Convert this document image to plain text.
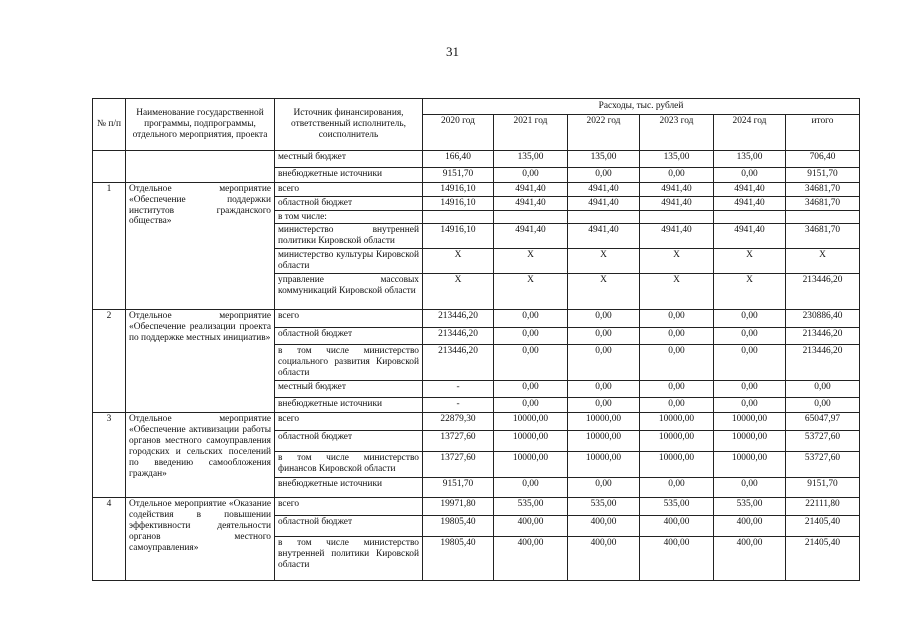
31
№ п/п	Наименование государственной программы, подпрограммы, отдельного мероприятия, проекта	Источник финансирования, ответственный исполнитель, соисполнитель	Расходы, тыс. рублей					
			2020 год	2021 год	2022 год	2023 год	2024 год	итого
		местный бюджет	166,40	135,00	135,00	135,00	135,00	706,40
		внебюджетные источники	9151,70	0,00	0,00	0,00	0,00	9151,70
1	Отдельное мероприятие «Обеспечение поддержки институтов гражданского общества»	всего	14916,10	4941,40	4941,40	4941,40	4941,40	34681,70
		областной бюджет	14916,10	4941,40	4941,40	4941,40	4941,40	34681,70
		в том числе:						
		министерство внутренней политики Кировской области	14916,10	4941,40	4941,40	4941,40	4941,40	34681,70
		министерство культуры Кировской области	X	X	X	X	X	X
		управление массовых коммуникаций Кировской области	X	X	X	X	X	213446,20
2	Отдельное мероприятие «Обеспечение реализации проекта по поддержке местных инициатив»	всего	213446,20	0,00	0,00	0,00	0,00	230886,40
		областной бюджет	213446,20	0,00	0,00	0,00	0,00	213446,20
		в том числе министерство социального развития Кировской области	213446,20	0,00	0,00	0,00	0,00	213446,20
		местный бюджет	-	0,00	0,00	0,00	0,00	0,00
		внебюджетные источники	-	0,00	0,00	0,00	0,00	0,00
3	Отдельное мероприятие «Обеспечение активизации работы органов местного самоуправления городских и сельских поселений по введению самообложения граждан»	всего	22879,30	10000,00	10000,00	10000,00	10000,00	65047,97
		областной бюджет	13727,60	10000,00	10000,00	10000,00	10000,00	53727,60
		в том числе министерство финансов Кировской области	13727,60	10000,00	10000,00	10000,00	10000,00	53727,60
		внебюджетные источники	9151,70	0,00	0,00	0,00	0,00	9151,70
4	Отдельное мероприятие «Оказание содействия в повышении эффективности деятельности органов местного самоуправления»	всего	19971,80	535,00	535,00	535,00	535,00	22111,80
		областной бюджет	19805,40	400,00	400,00	400,00	400,00	21405,40
		в том числе министерство внутренней политики Кировской области	19805,40	400,00	400,00	400,00	400,00	21405,40
